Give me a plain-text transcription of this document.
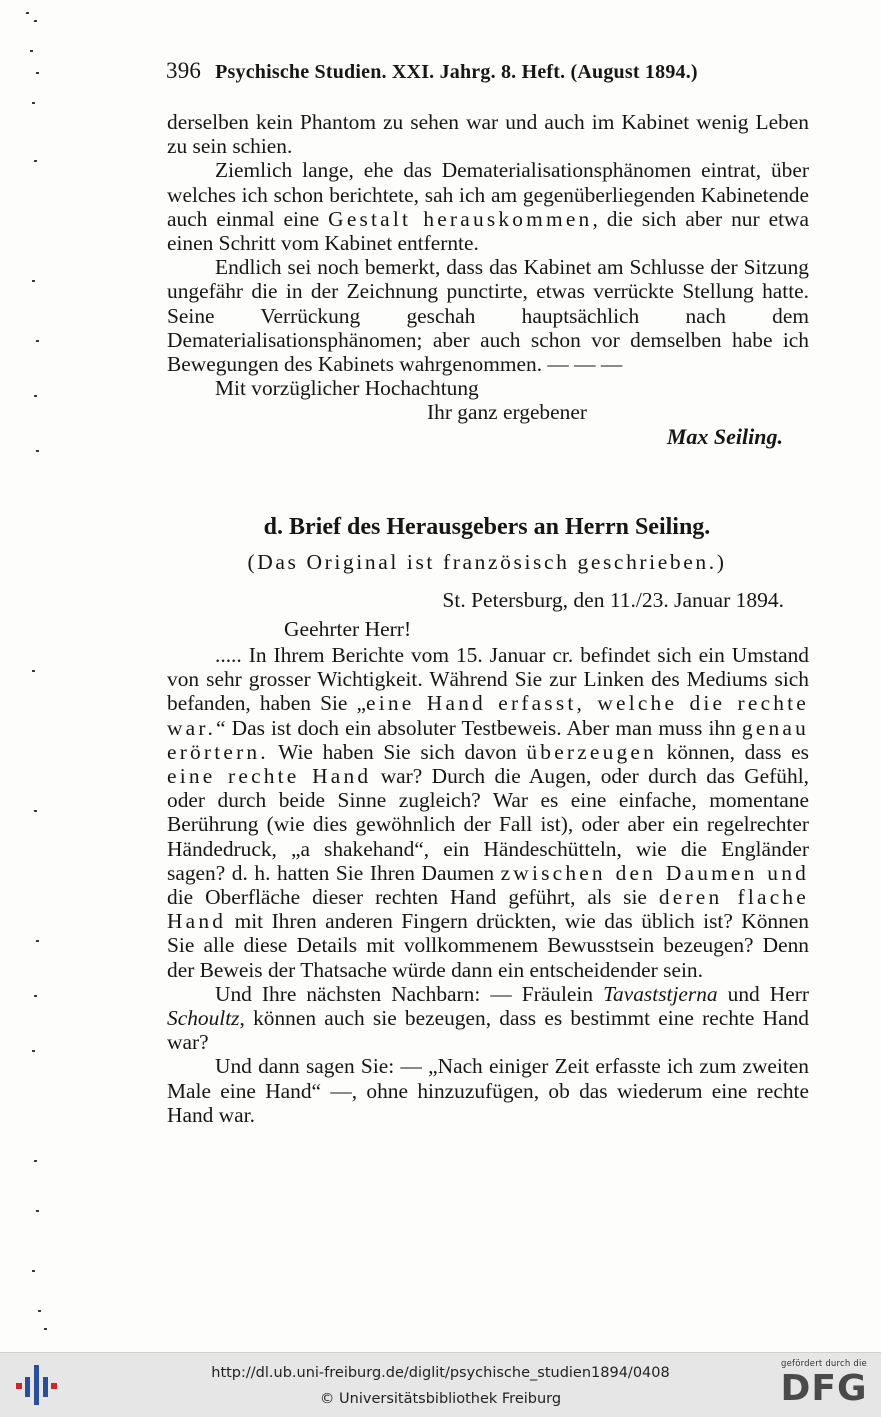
396 Psychische Studien. XXI. Jahrg. 8. Heft. (August 1894.)

derselben kein Phantom zu sehen war und auch im Kabinet wenig Leben zu sein schien.

Ziemlich lange, ehe das Dematerialisationsphänomen eintrat, über welches ich schon berichtete, sah ich am gegenüberliegenden Kabinetende auch einmal eine Gestalt herauskommen, die sich aber nur etwa einen Schritt vom Kabinet entfernte.

Endlich sei noch bemerkt, dass das Kabinet am Schlusse der Sitzung ungefähr die in der Zeichnung punctirte, etwas verrückte Stellung hatte. Seine Verrückung geschah hauptsächlich nach dem Dematerialisationsphänomen; aber auch schon vor demselben habe ich Bewegungen des Kabinets wahrgenommen. — — —

Mit vorzüglicher Hochachtung

Ihr ganz ergebener

Max Seiling.

d. Brief des Herausgebers an Herrn Seiling.
(Das Original ist französisch geschrieben.)
St. Petersburg, den 11./23. Januar 1894.
Geehrter Herr!

..... In Ihrem Berichte vom 15. Januar cr. befindet sich ein Umstand von sehr grosser Wichtigkeit. Während Sie zur Linken des Mediums sich befanden, haben Sie „eine Hand erfasst, welche die rechte war.“ Das ist doch ein absoluter Testbeweis. Aber man muss ihn genau erörtern. Wie haben Sie sich davon überzeugen können, dass es eine rechte Hand war? Durch die Augen, oder durch das Gefühl, oder durch beide Sinne zugleich? War es eine einfache, momentane Berührung (wie dies gewöhnlich der Fall ist), oder aber ein regelrechter Händedruck, „a shakehand“, ein Händeschütteln, wie die Engländer sagen? d. h. hatten Sie Ihren Daumen zwischen den Daumen und die Oberfläche dieser rechten Hand geführt, als sie deren flache Hand mit Ihren anderen Fingern drückten, wie das üblich ist? Können Sie alle diese Details mit vollkommenem Bewusstsein bezeugen? Denn der Beweis der Thatsache würde dann ein entscheidender sein.

Und Ihre nächsten Nachbarn: — Fräulein Tavaststjerna und Herr Schoultz, können auch sie bezeugen, dass es bestimmt eine rechte Hand war?

Und dann sagen Sie: — „Nach einiger Zeit erfasste ich zum zweiten Male eine Hand“ —, ohne hinzuzufügen, ob das wiederum eine rechte Hand war.

http://dl.ub.uni-freiburg.de/diglit/psychische_studien1894/0408
© Universitätsbibliothek Freiburg
gefördert durch die
DFG
